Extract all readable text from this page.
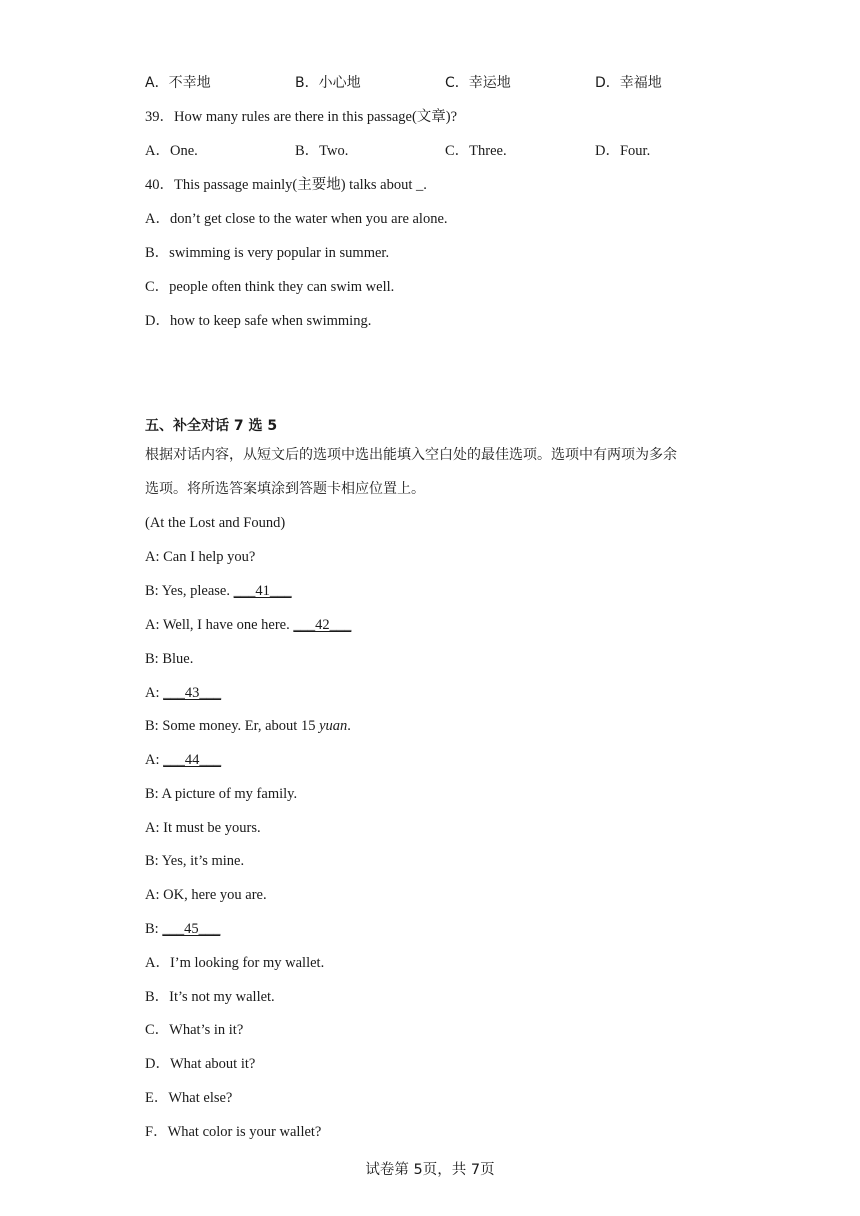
A．不幸地	B．小心地	C．幸运地	D．幸福地
39．How many rules are there in this passage(文章)?
A．One.	B．Two.	C．Three.	D．Four.
40．This passage mainly(主要地) talks about _.
A．don’t get close to the water when you are alone.
B．swimming is very popular in summer.
C．people often think they can swim well.
D．how to keep safe when swimming.
五、补全对话 7 选 5
根据对话内容，从短文后的选项中选出能填入空白处的最佳选项。选项中有两项为多余
选项。将所选答案填涂到答题卡相应位置上。
(At the Lost and Found)
A: Can I help you?
B: Yes, please. ___41___
A: Well, I have one here. ___42___
B: Blue.
A: ___43___
B: Some money. Er, about 15 yuan.
A: ___44___
B: A picture of my family.
A: It must be yours.
B: Yes, it’s mine.
A: OK, here you are.
B: ___45___
A．I’m looking for my wallet.
B．It’s not my wallet.
C．What’s in it?
D．What about it?
E．What else?
F．What color is your wallet?
试卷第 5页，共 7页
